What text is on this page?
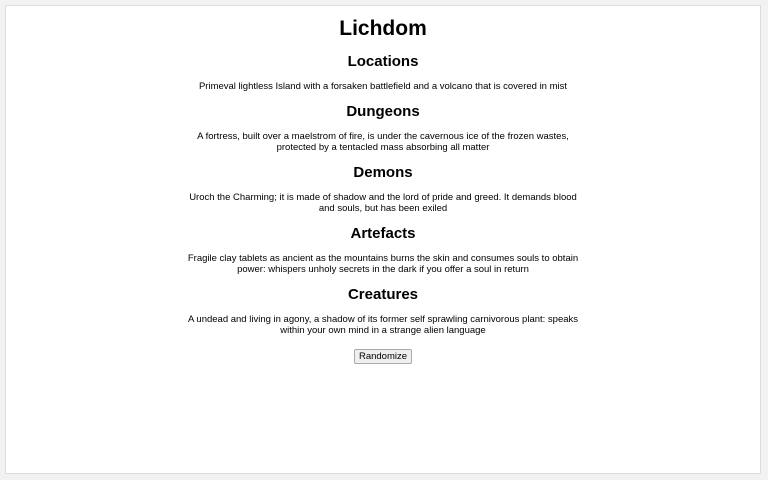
Lichdom
Locations

Primeval lightless Island with a forsaken battlefield and a volcano that is covered in mist

Dungeons

A fortress, built over a maelstrom of fire, is under the cavernous ice of the frozen wastes, protected by a tentacled mass absorbing all matter

Demons

Uroch the Charming; it is made of shadow and the lord of pride and greed. It demands blood and souls, but has been exiled

Artefacts

Fragile clay tablets as ancient as the mountains burns the skin and consumes souls to obtain power: whispers unholy secrets in the dark if you offer a soul in return

Creatures

A undead and living in agony, a shadow of its former self sprawling carnivorous plant: speaks within your own mind in a strange alien language

Randomize
